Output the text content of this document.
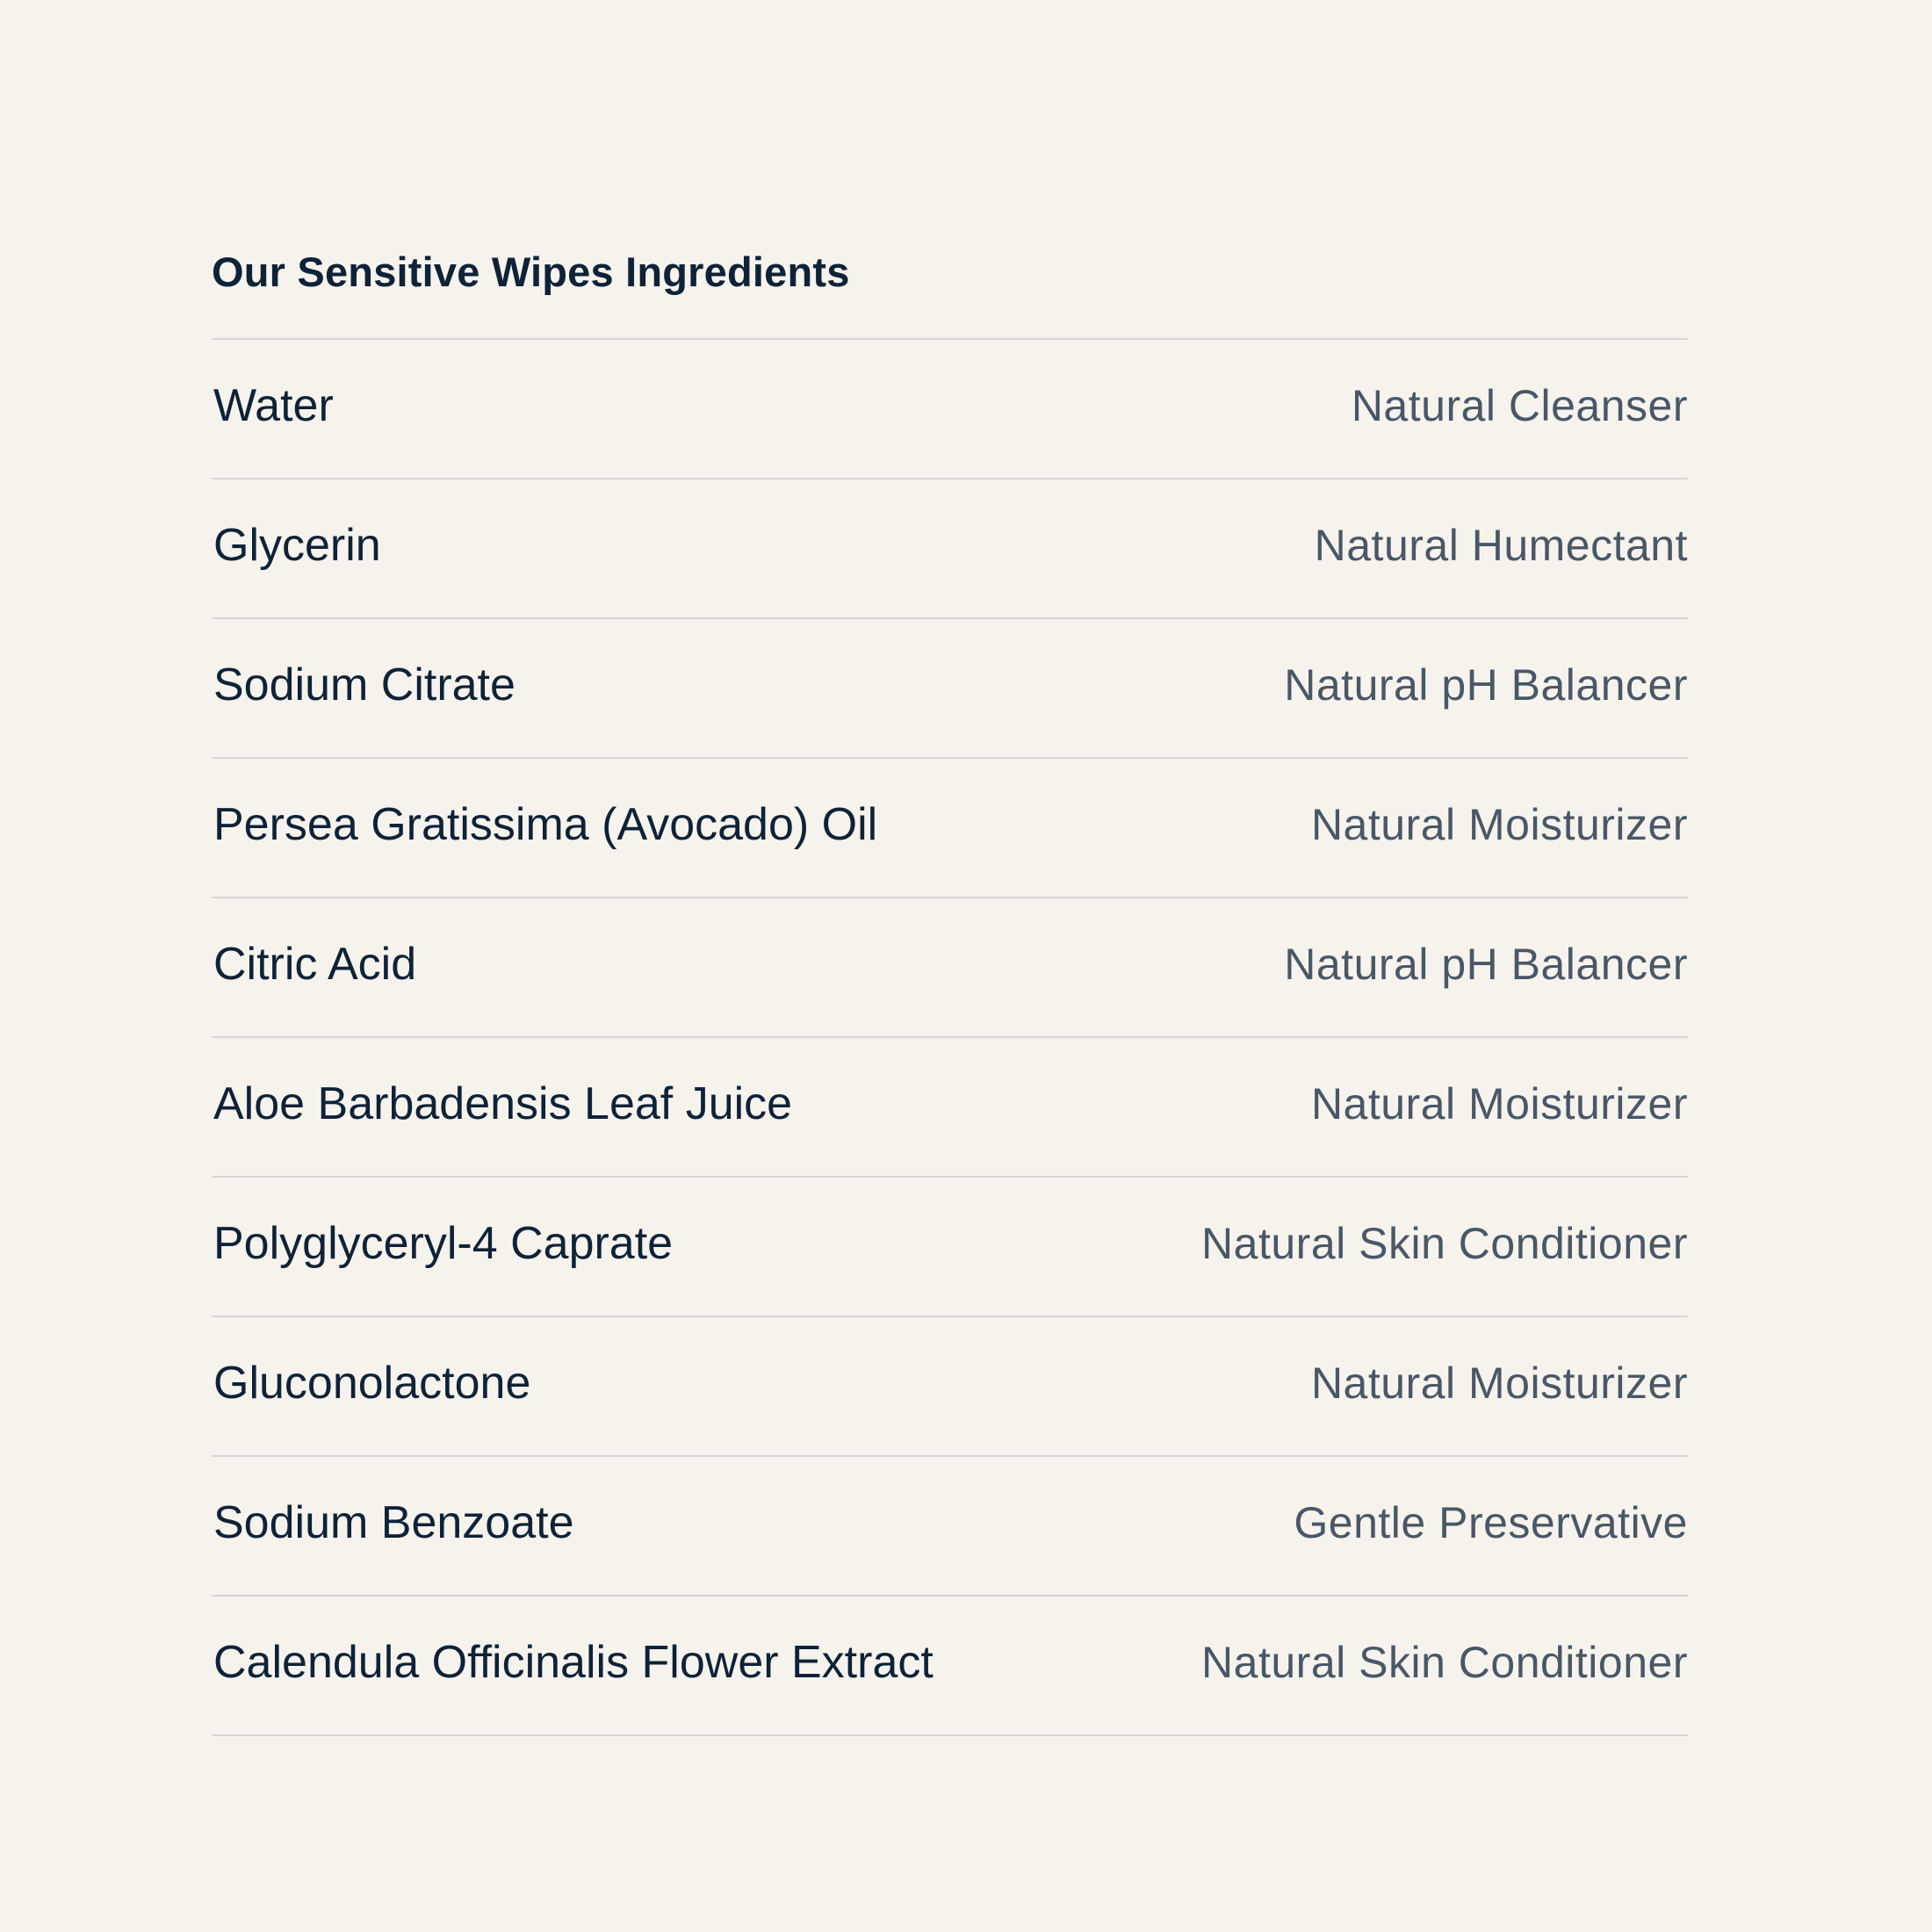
Our Sensitive Wipes Ingredients
Water	Natural Cleanser
Glycerin	Natural Humectant
Sodium Citrate	Natural pH Balancer
Persea Gratissima (Avocado) Oil	Natural Moisturizer
Citric Acid	Natural pH Balancer
Aloe Barbadensis Leaf Juice	Natural Moisturizer
Polyglyceryl-4 Caprate	Natural Skin Conditioner
Gluconolactone	Natural Moisturizer
Sodium Benzoate	Gentle Preservative
Calendula Officinalis Flower Extract	Natural Skin Conditioner
